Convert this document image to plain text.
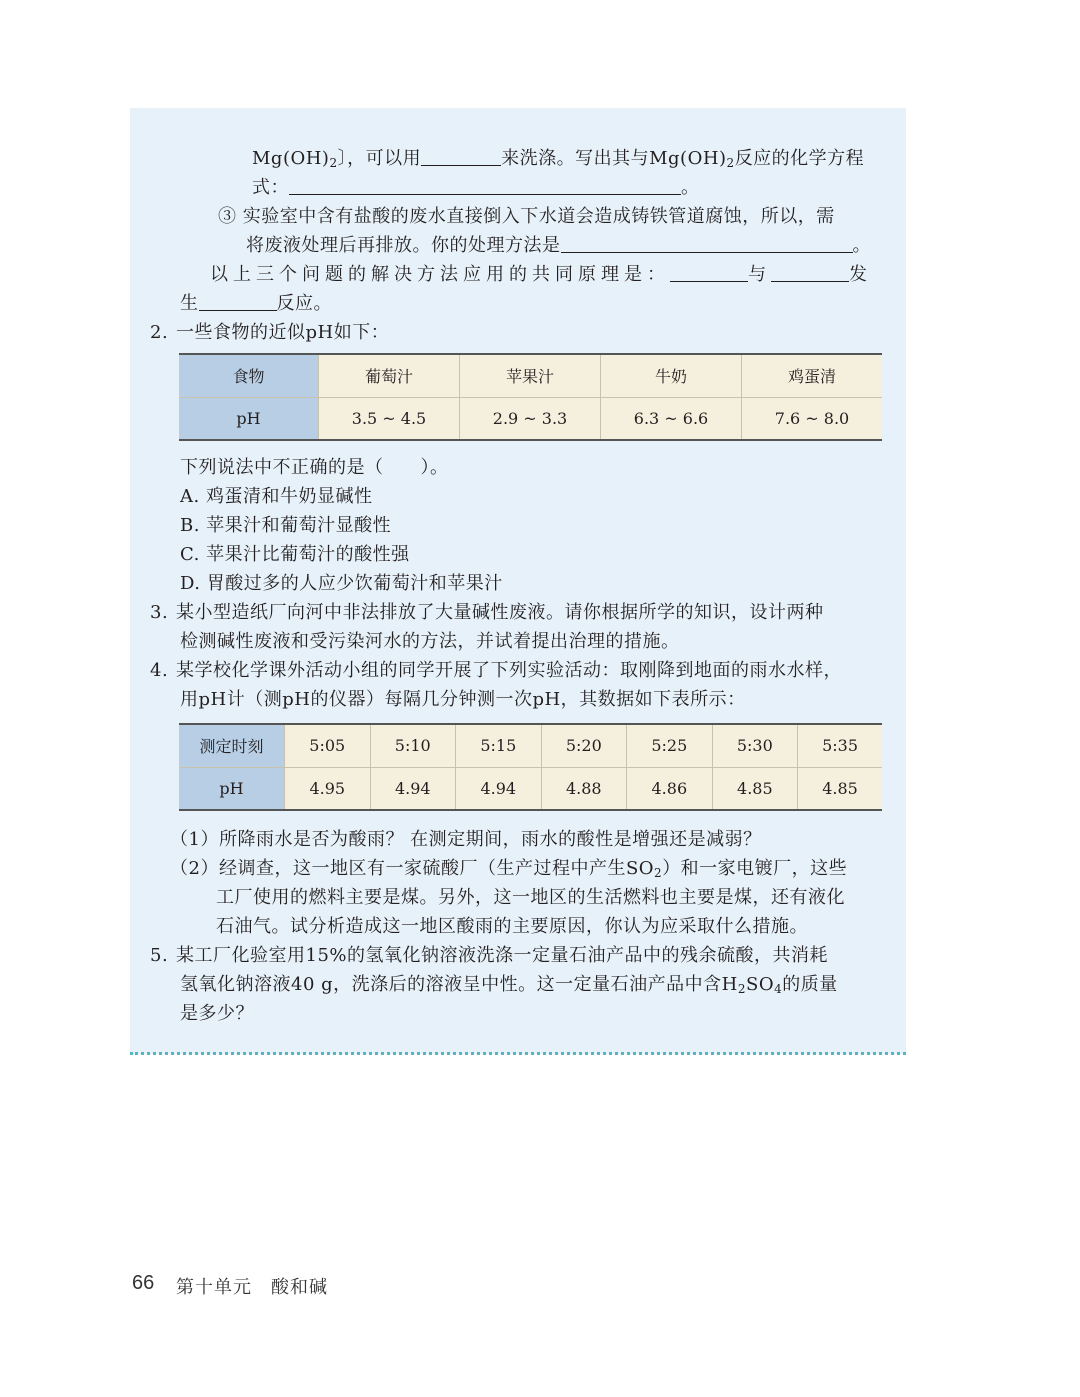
$Mg(OH)_2$〕，可以用	来洗涤。写出其与$Mg(OH)_2$反应的化学方程
式：	。
③ 实验室中含有盐酸的废水直接倒入下水道会造成铸铁管道腐蚀，所以，需
将废液处理后再排放。你的处理方法是	。
以上三个问题的解决方法应用的共同原理是：	与	发
生	反应。
2. 一些食物的近似pH如下：
食物	葡萄汁	苹果汁	牛奶	鸡蛋清
pH	3.5 ~ 4.5	2.9 ~ 3.3	6.3 ~ 6.6	7.6 ~ 8.0
下列说法中不正确的是（　　）。
A. 鸡蛋清和牛奶显碱性
B. 苹果汁和葡萄汁显酸性
C. 苹果汁比葡萄汁的酸性强
D. 胃酸过多的人应少饮葡萄汁和苹果汁
3. 某小型造纸厂向河中非法排放了大量碱性废液。请你根据所学的知识，设计两种
检测碱性废液和受污染河水的方法，并试着提出治理的措施。
4. 某学校化学课外活动小组的同学开展了下列实验活动：取刚降到地面的雨水水样，
用pH计（测pH的仪器）每隔几分钟测一次pH，其数据如下表所示：
测定时刻	5:05	5:10	5:15	5:20	5:25	5:30	5:35
pH	4.95	4.94	4.94	4.88	4.86	4.85	4.85
（1）所降雨水是否为酸雨？ 在测定期间，雨水的酸性是增强还是减弱？
（2）经调查，这一地区有一家硫酸厂（生产过程中产生$SO_2$）和一家电镀厂，这些
工厂使用的燃料主要是煤。另外，这一地区的生活燃料也主要是煤，还有液化
石油气。试分析造成这一地区酸雨的主要原因，你认为应采取什么措施。
5. 某工厂化验室用15%的氢氧化钠溶液洗涤一定量石油产品中的残余硫酸，共消耗
氢氧化钠溶液40 g，洗涤后的溶液呈中性。这一定量石油产品中含$H_2SO_4$的质量
是多少？
66 第十单元　酸和碱
